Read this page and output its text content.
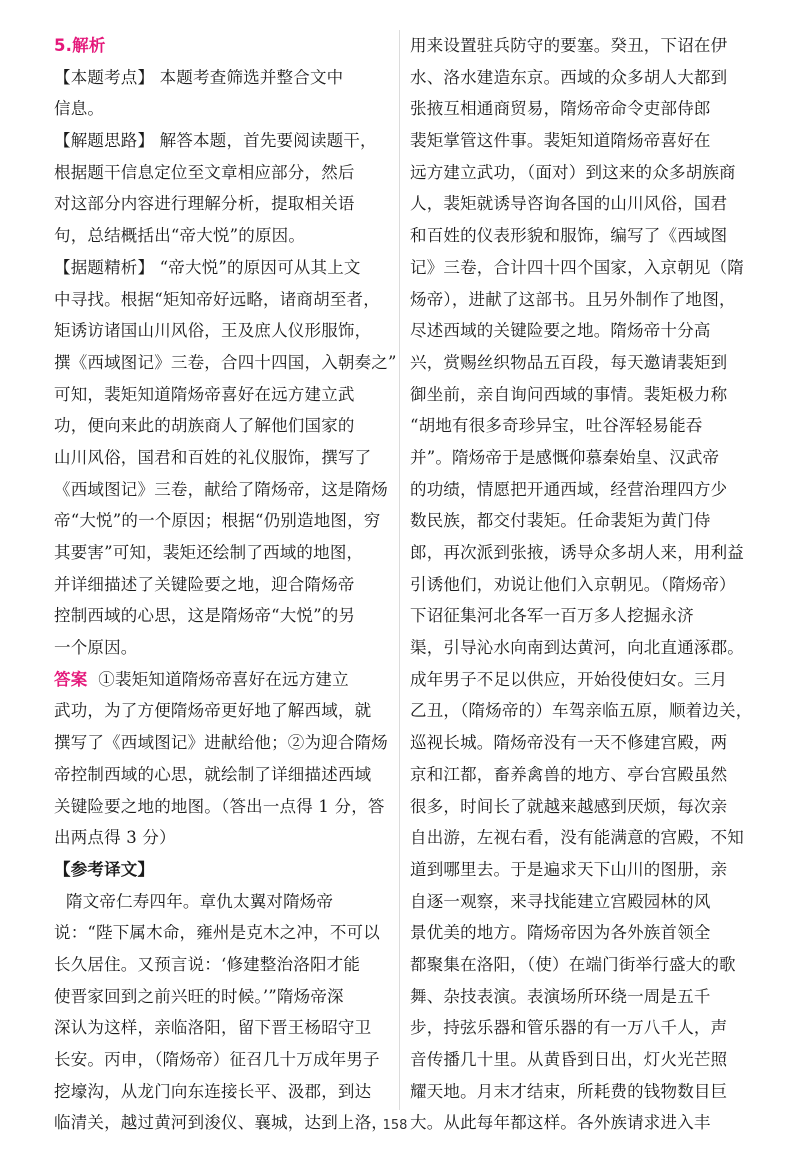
5.解析
【本题考点】 本题考查筛选并整合文中
信息。
【解题思路】 解答本题，首先要阅读题干，
根据题干信息定位至文章相应部分，然后
对这部分内容进行理解分析，提取相关语
句，总结概括出“帝大悦”的原因。
【据题精析】 “帝大悦”的原因可从其上文
中寻找。根据“矩知帝好远略，诸商胡至者，
矩诱访诸国山川风俗，王及庶人仪形服饰，
撰《西域图记》三卷，合四十四国，入朝奏之”
可知，裴矩知道隋炀帝喜好在远方建立武
功，便向来此的胡族商人了解他们国家的
山川风俗，国君和百姓的礼仪服饰，撰写了
《西域图记》三卷，献给了隋炀帝，这是隋炀
帝“大悦”的一个原因；根据“仍别造地图，穷
其要害”可知，裴矩还绘制了西域的地图，
并详细描述了关键险要之地，迎合隋炀帝
控制西域的心思，这是隋炀帝“大悦”的另
一个原因。
答案 ①裴矩知道隋炀帝喜好在远方建立
武功，为了方便隋炀帝更好地了解西域，就
撰写了《西域图记》进献给他；②为迎合隋炀
帝控制西域的心思，就绘制了详细描述西域
关键险要之地的地图。（答出一点得 1 分，答
出两点得 3 分）
【参考译文】
隋文帝仁寿四年。章仇太翼对隋炀帝
说：“陛下属木命，雍州是克木之冲，不可以
长久居住。又预言说：‘修建整治洛阳才能
使晋家回到之前兴旺的时候。’”隋炀帝深
深认为这样，亲临洛阳，留下晋王杨昭守卫
长安。丙申，（隋炀帝）征召几十万成年男子
挖壕沟，从龙门向东连接长平、汲郡，到达
临清关，越过黄河到浚仪、襄城，达到上洛，
用来设置驻兵防守的要塞。癸丑，下诏在伊
水、洛水建造东京。西域的众多胡人大都到
张掖互相通商贸易，隋炀帝命令吏部侍郎
裴矩掌管这件事。裴矩知道隋炀帝喜好在
远方建立武功，（面对）到这来的众多胡族商
人，裴矩就诱导咨询各国的山川风俗，国君
和百姓的仪表形貌和服饰，编写了《西域图
记》三卷，合计四十四个国家，入京朝见（隋
炀帝），进献了这部书。且另外制作了地图，
尽述西域的关键险要之地。隋炀帝十分高
兴，赏赐丝织物品五百段，每天邀请裴矩到
御坐前，亲自询问西域的事情。裴矩极力称
“胡地有很多奇珍异宝，吐谷浑轻易能吞
并”。隋炀帝于是感慨仰慕秦始皇、汉武帝
的功绩，情愿把开通西域，经营治理四方少
数民族，都交付裴矩。任命裴矩为黄门侍
郎，再次派到张掖，诱导众多胡人来，用利益
引诱他们，劝说让他们入京朝见。（隋炀帝）
下诏征集河北各军一百万多人挖掘永济
渠，引导沁水向南到达黄河，向北直通涿郡。
成年男子不足以供应，开始役使妇女。三月
乙丑，（隋炀帝的）车驾亲临五原，顺着边关，
巡视长城。隋炀帝没有一天不修建宫殿，两
京和江都，畜养禽兽的地方、亭台宫殿虽然
很多，时间长了就越来越感到厌烦，每次亲
自出游，左视右看，没有能满意的宫殿，不知
道到哪里去。于是遍求天下山川的图册，亲
自逐一观察，来寻找能建立宫殿园林的风
景优美的地方。隋炀帝因为各外族首领全
都聚集在洛阳，（使）在端门街举行盛大的歌
舞、杂技表演。表演场所环绕一周是五千
步，持弦乐器和管乐器的有一万八千人，声
音传播几十里。从黄昏到日出，灯火光芒照
耀天地。月末才结束，所耗费的钱物数目巨
大。从此每年都这样。各外族请求进入丰
158
